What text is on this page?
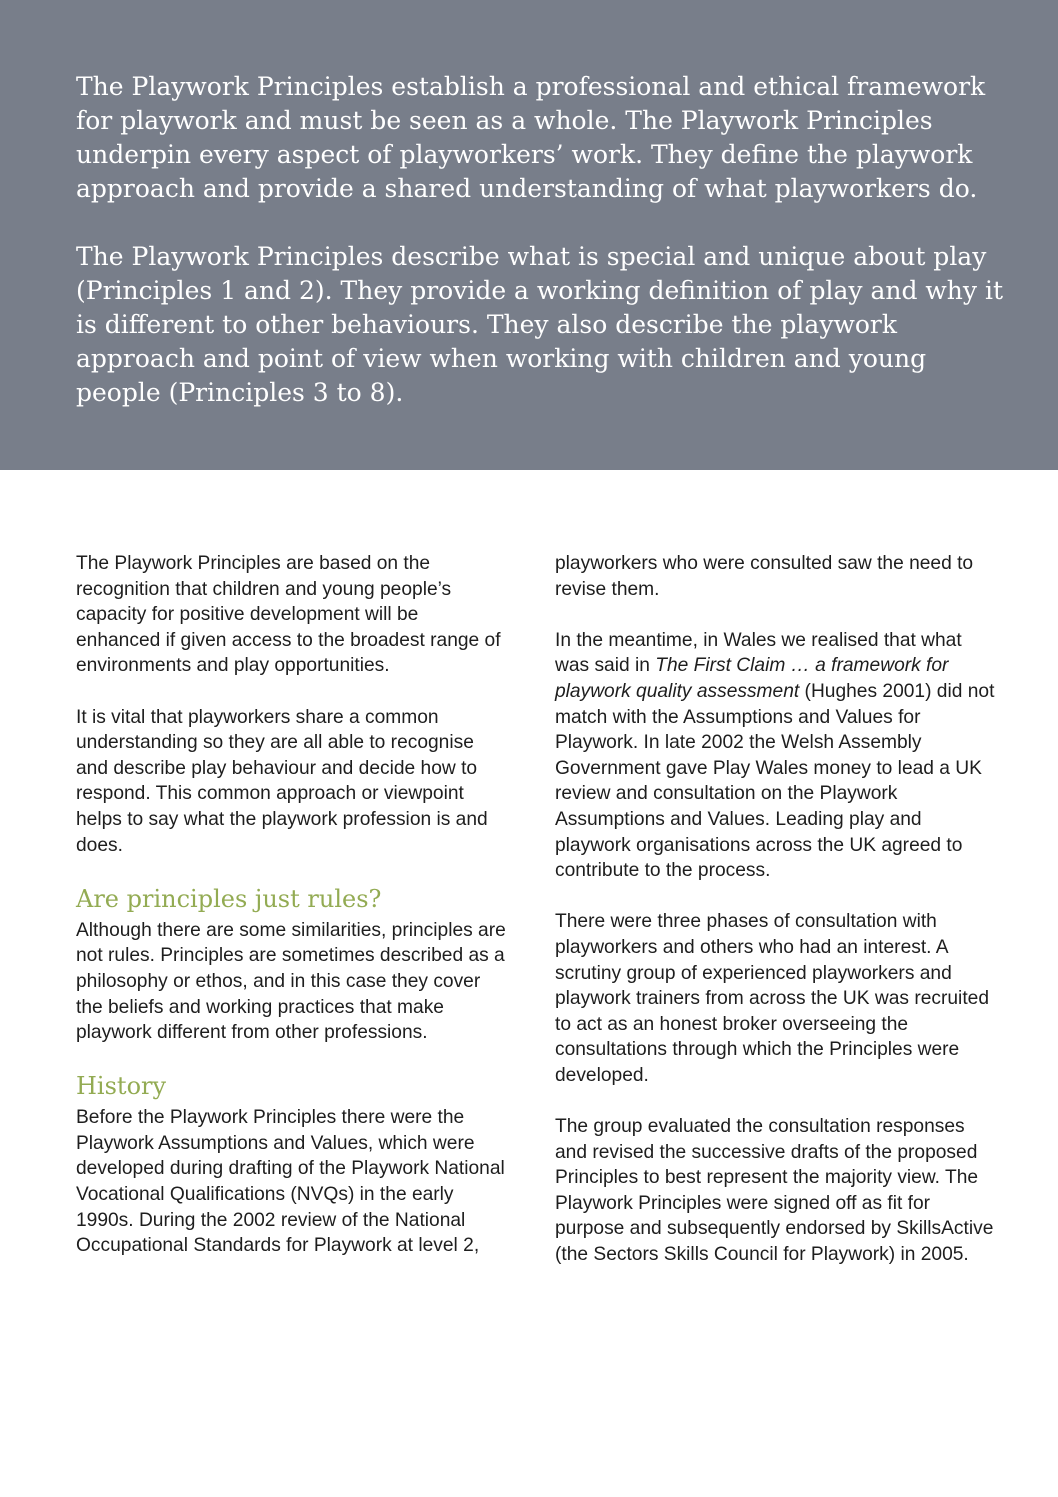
The Playwork Principles establish a professional and ethical framework for playwork and must be seen as a whole. The Playwork Principles underpin every aspect of playworkers’ work. They define the playwork approach and provide a shared understanding of what playworkers do.

The Playwork Principles describe what is special and unique about play (Principles 1 and 2). They provide a working definition of play and why it is different to other behaviours. They also describe the playwork approach and point of view when working with children and young people (Principles 3 to 8).

The Playwork Principles are based on the recognition that children and young people’s capacity for positive development will be enhanced if given access to the broadest range of environments and play opportunities.

It is vital that playworkers share a common understanding so they are all able to recognise and describe play behaviour and decide how to respond. This common approach or viewpoint helps to say what the playwork profession is and does.

Are principles just rules?

Although there are some similarities, principles are not rules. Principles are sometimes described as a philosophy or ethos, and in this case they cover the beliefs and working practices that make playwork different from other professions.

History

Before the Playwork Principles there were the Playwork Assumptions and Values, which were developed during drafting of the Playwork National Vocational Qualifications (NVQs) in the early 1990s. During the 2002 review of the National Occupational Standards for Playwork at level 2,

playworkers who were consulted saw the need to revise them.

In the meantime, in Wales we realised that what was said in The First Claim … a framework for playwork quality assessment (Hughes 2001) did not match with the Assumptions and Values for Playwork. In late 2002 the Welsh Assembly Government gave Play Wales money to lead a UK review and consultation on the Playwork Assumptions and Values. Leading play and playwork organisations across the UK agreed to contribute to the process.

There were three phases of consultation with playworkers and others who had an interest. A scrutiny group of experienced playworkers and playwork trainers from across the UK was recruited to act as an honest broker overseeing the consultations through which the Principles were developed.

The group evaluated the consultation responses and revised the successive drafts of the proposed Principles to best represent the majority view. The Playwork Principles were signed off as fit for purpose and subsequently endorsed by SkillsActive (the Sectors Skills Council for Playwork) in 2005.
